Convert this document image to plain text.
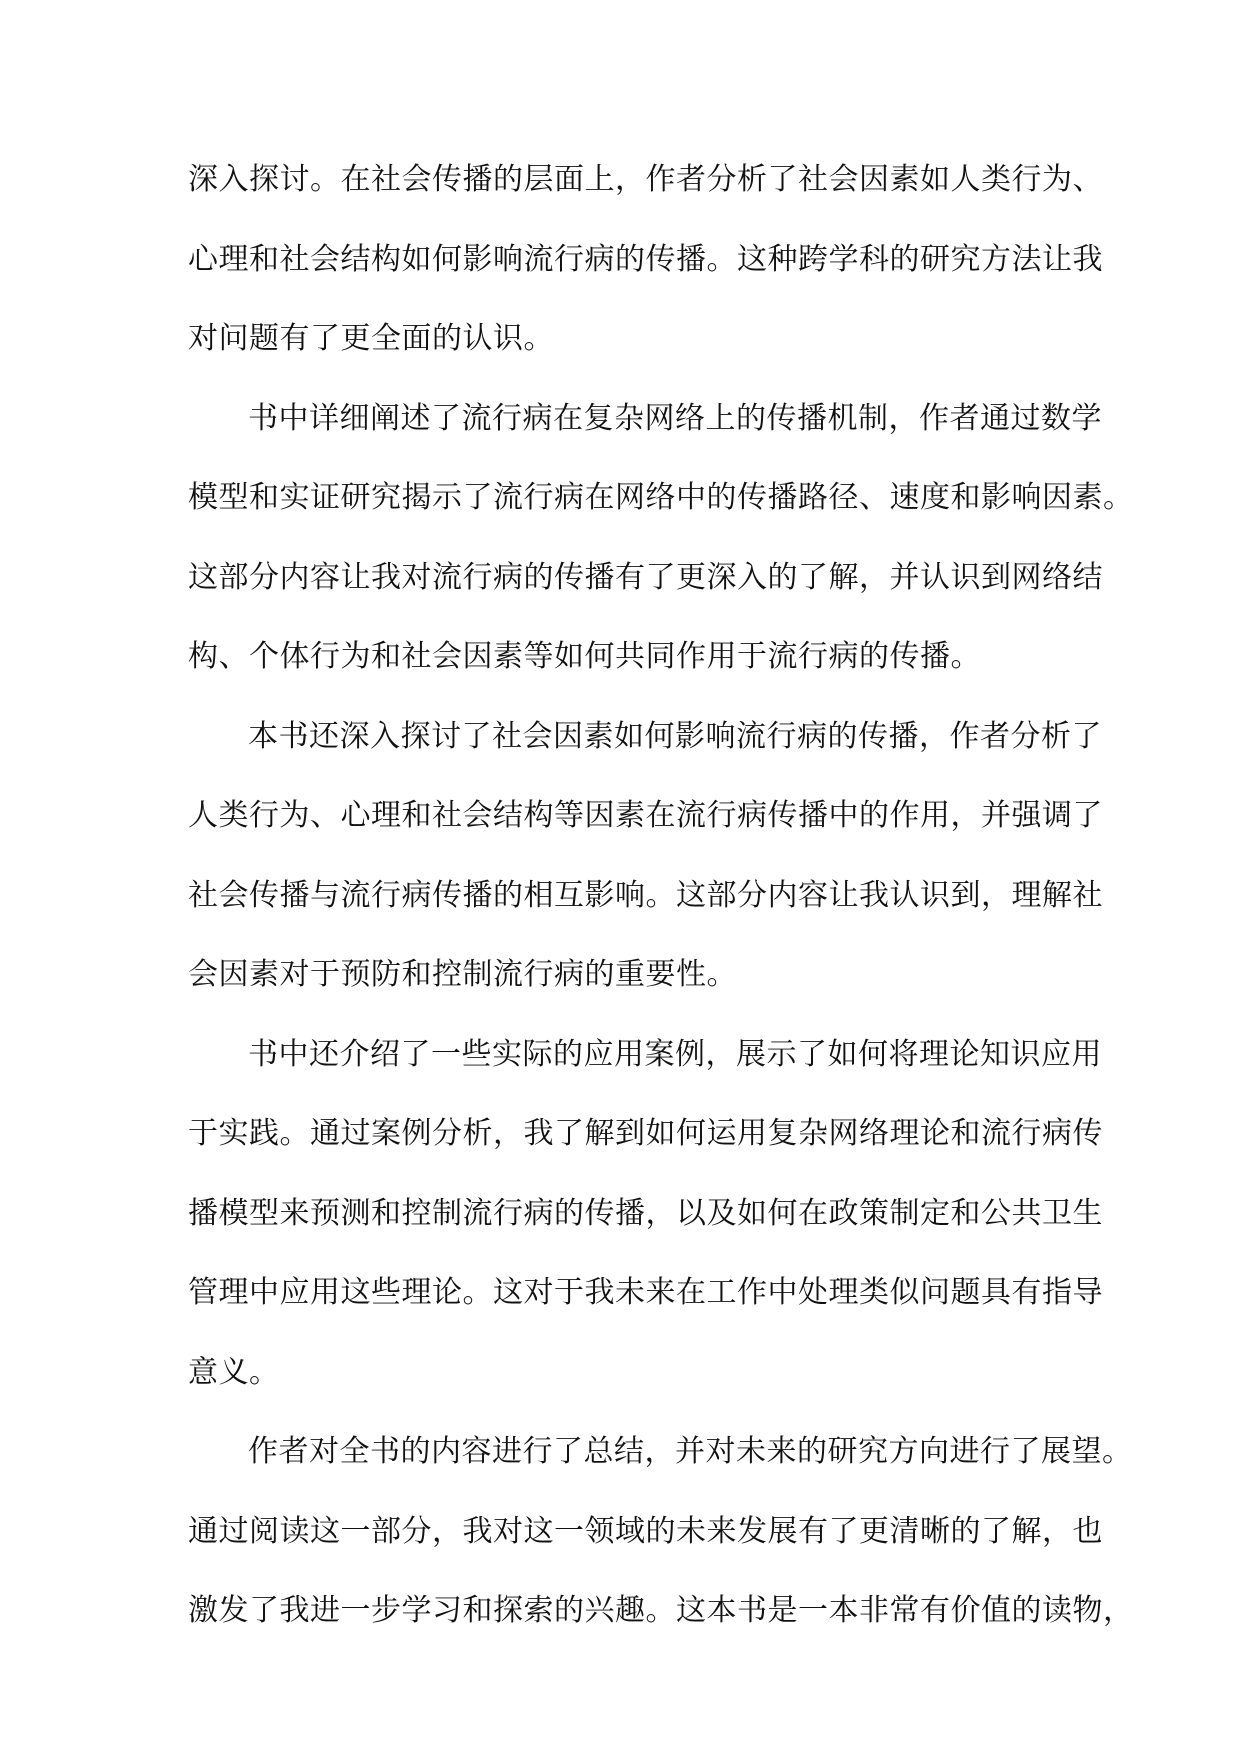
深入探讨。在社会传播的层面上，作者分析了社会因素如人类行为、
心理和社会结构如何影响流行病的传播。这种跨学科的研究方法让我
对问题有了更全面的认识。
书中详细阐述了流行病在复杂网络上的传播机制，作者通过数学
模型和实证研究揭示了流行病在网络中的传播路径、速度和影响因素。
这部分内容让我对流行病的传播有了更深入的了解，并认识到网络结
构、个体行为和社会因素等如何共同作用于流行病的传播。
本书还深入探讨了社会因素如何影响流行病的传播，作者分析了
人类行为、心理和社会结构等因素在流行病传播中的作用，并强调了
社会传播与流行病传播的相互影响。这部分内容让我认识到，理解社
会因素对于预防和控制流行病的重要性。
书中还介绍了一些实际的应用案例，展示了如何将理论知识应用
于实践。通过案例分析，我了解到如何运用复杂网络理论和流行病传
播模型来预测和控制流行病的传播，以及如何在政策制定和公共卫生
管理中应用这些理论。这对于我未来在工作中处理类似问题具有指导
意义。
作者对全书的内容进行了总结，并对未来的研究方向进行了展望。
通过阅读这一部分，我对这一领域的未来发展有了更清晰的了解，也
激发了我进一步学习和探索的兴趣。这本书是一本非常有价值的读物，
